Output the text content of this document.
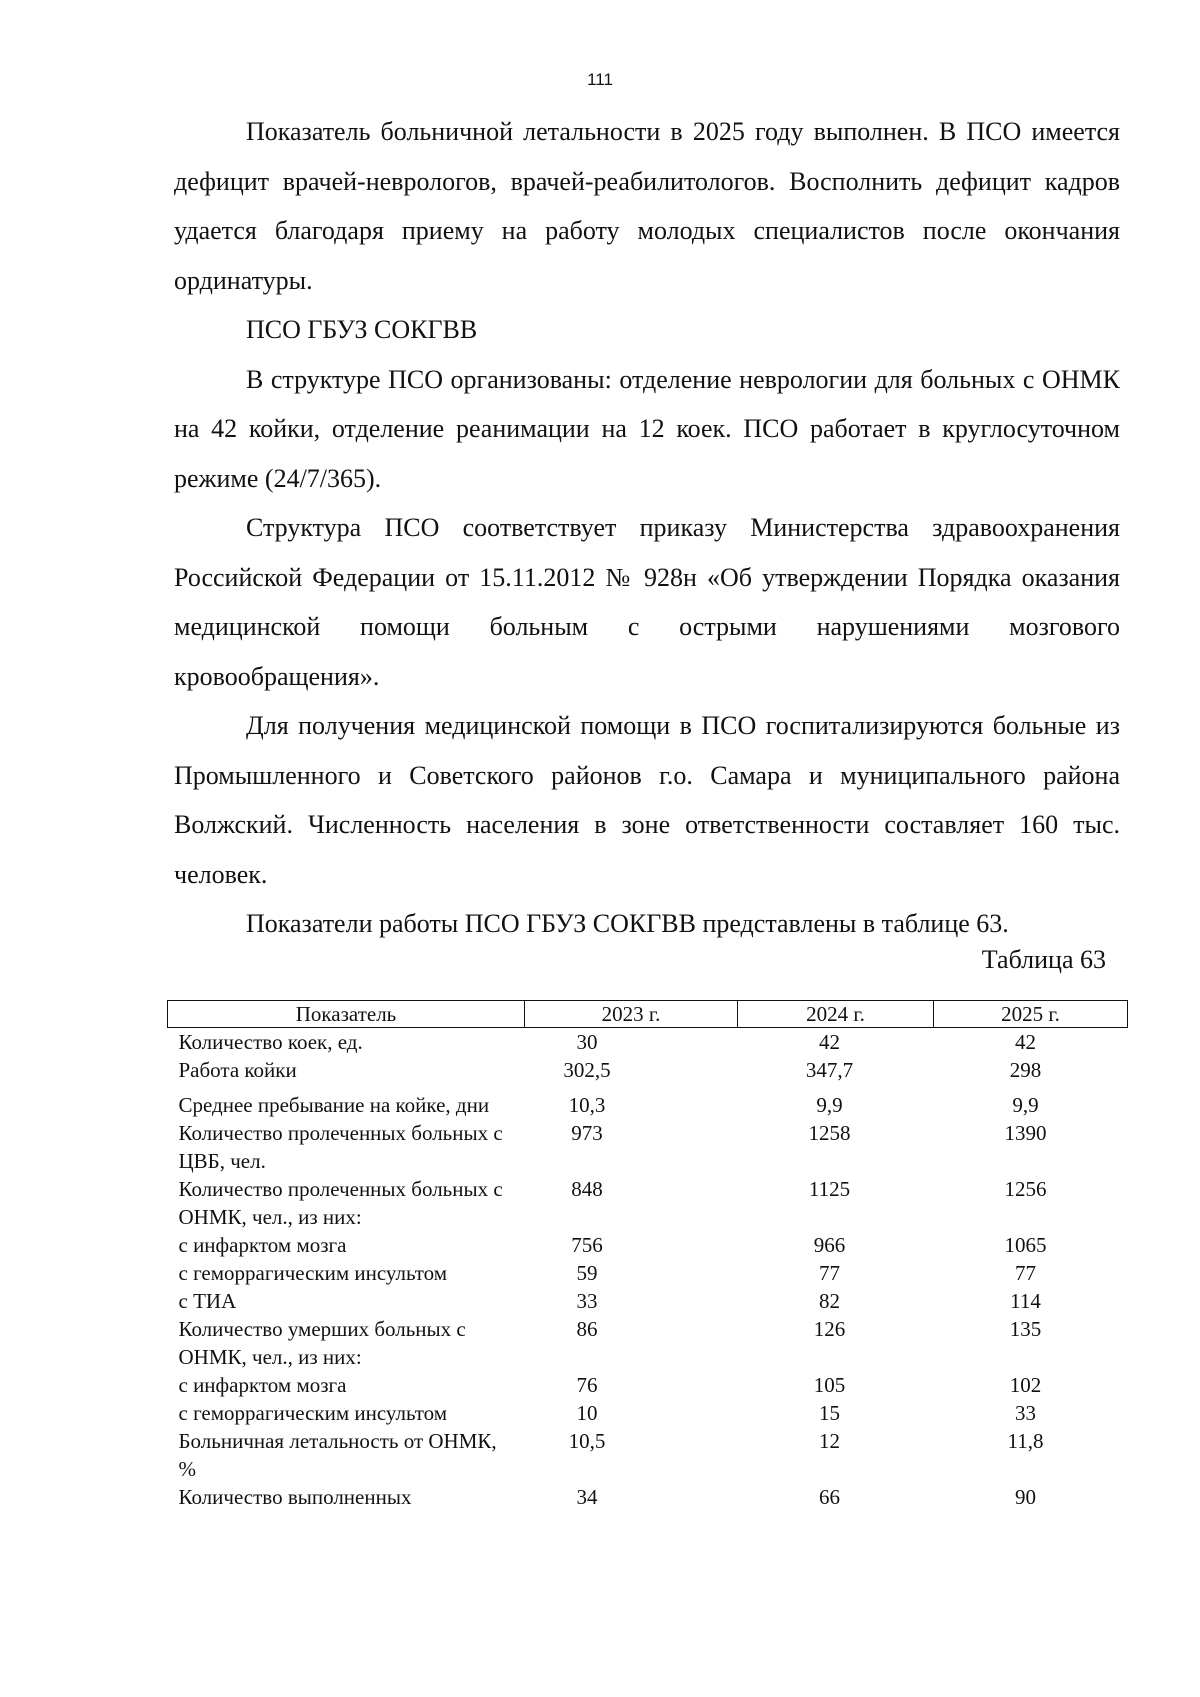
111

Показатель больничной летальности в 2025 году выполнен. В ПСО имеется дефицит врачей-неврологов, врачей-реабилитологов. Восполнить дефицит кадров удается благодаря приему на работу молодых специалистов после окончания ординатуры.

ПСО ГБУЗ СОКГВВ

В структуре ПСО организованы: отделение неврологии для больных с ОНМК на 42 койки, отделение реанимации на 12 коек. ПСО работает в круглосуточном режиме (24/7/365).

Структура ПСО соответствует приказу Министерства здравоохранения Российской Федерации от 15.11.2012 № 928н «Об утверждении Порядка оказания медицинской помощи больным с острыми нарушениями мозгового кровообращения».

Для получения медицинской помощи в ПСО госпитализируются больные из Промышленного и Советского районов г.о. Самара и муниципального района Волжский. Численность населения в зоне ответственности составляет 160 тыс. человек.

Показатели работы ПСО ГБУЗ СОКГВВ представлены в таблице 63.

Таблица 63
Показатель	2023 г.	2024 г.	2025 г.
Количество коек, ед.	30	42	42
Работа койки	302,5	347,7	298
Среднее пребывание на койке, дни	10,3	9,9	9,9
Количество пролеченных больных с ЦВБ, чел.	973	1258	1390
Количество пролеченных больных с ОНМК, чел., из них:	848	1125	1256
с инфарктом мозга	756	966	1065
с геморрагическим инсультом	59	77	77
с ТИА	33	82	114
Количество умерших больных с ОНМК, чел., из них:	86	126	135
с инфарктом мозга	76	105	102
с геморрагическим инсультом	10	15	33
Больничная летальность от ОНМК, %	10,5	12	11,8
Количество выполненных	34	66	90
